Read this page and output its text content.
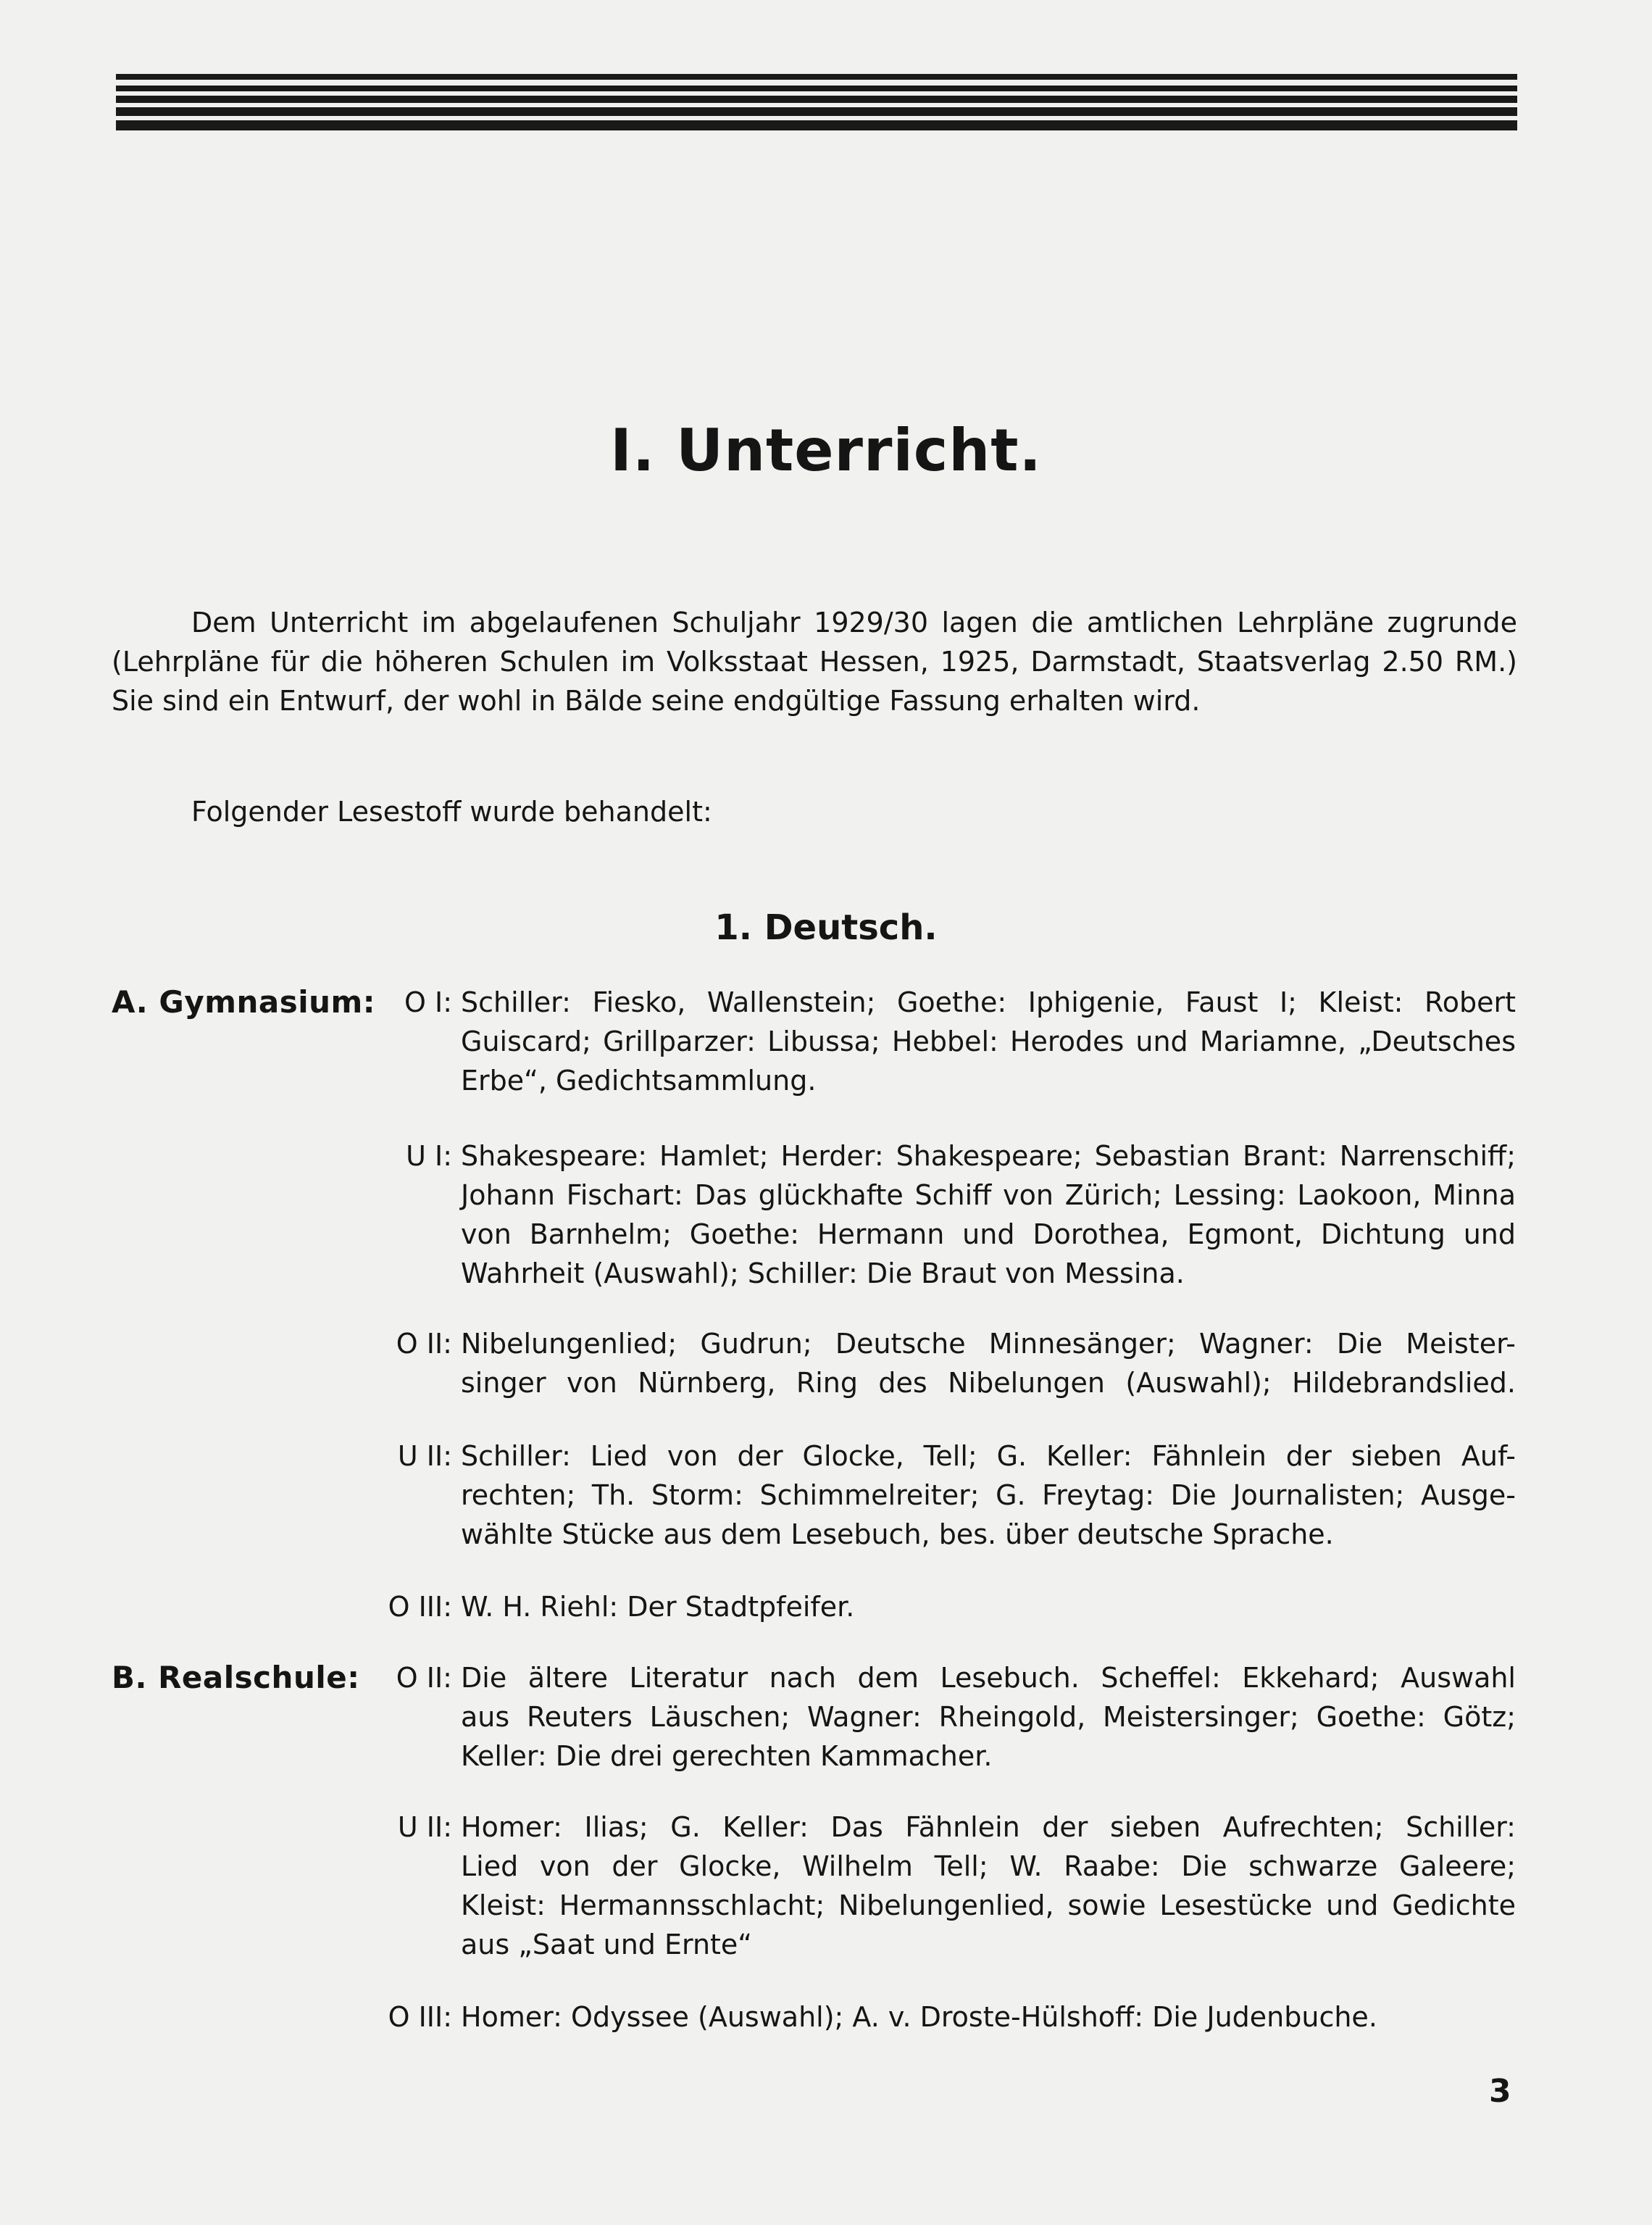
I. Unterricht.

Dem Unterricht im abgelaufenen Schuljahr 1929/30 lagen die amtlichen Lehrpläne zugrunde

(Lehrpläne für die höheren Schulen im Volksstaat Hessen, 1925, Darmstadt, Staatsverlag 2.50 RM.)

Sie sind ein Entwurf, der wohl in Bälde seine endgültige Fassung erhalten wird.

Folgender Lesestoff wurde behandelt:
1. Deutsch.
A. Gymnasium: O I: Schiller: Fiesko, Wallenstein; Goethe: Iphigenie, Faust I; Kleist: Robert
Guiscard; Grillparzer: Libussa; Hebbel: Herodes und Mariamne, „Deutsches
Erbe“, Gedichtsammlung.
U I: Shakespeare: Hamlet; Herder: Shakespeare; Sebastian Brant: Narrenschiff;
Johann Fischart: Das glückhafte Schiff von Zürich; Lessing: Laokoon, Minna
von Barnhelm; Goethe: Hermann und Dorothea, Egmont, Dichtung und
Wahrheit (Auswahl); Schiller: Die Braut von Messina.
O II: Nibelungenlied; Gudrun; Deutsche Minnesänger; Wagner: Die Meister-
singer von Nürnberg, Ring des Nibelungen (Auswahl); Hildebrandslied.
U II: Schiller: Lied von der Glocke, Tell; G. Keller: Fähnlein der sieben Auf-
rechten; Th. Storm: Schimmelreiter; G. Freytag: Die Journalisten; Ausge-
wählte Stücke aus dem Lesebuch, bes. über deutsche Sprache.
O III: W. H. Riehl: Der Stadtpfeifer.
B. Realschule: O II: Die ältere Literatur nach dem Lesebuch. Scheffel: Ekkehard; Auswahl
aus Reuters Läuschen; Wagner: Rheingold, Meistersinger; Goethe: Götz;
Keller: Die drei gerechten Kammacher.
U II: Homer: Ilias; G. Keller: Das Fähnlein der sieben Aufrechten; Schiller:
Lied von der Glocke, Wilhelm Tell; W. Raabe: Die schwarze Galeere;
Kleist: Hermannsschlacht; Nibelungenlied, sowie Lesestücke und Gedichte
aus „Saat und Ernte“
O III: Homer: Odyssee (Auswahl); A. v. Droste-Hülshoff: Die Judenbuche.
3
